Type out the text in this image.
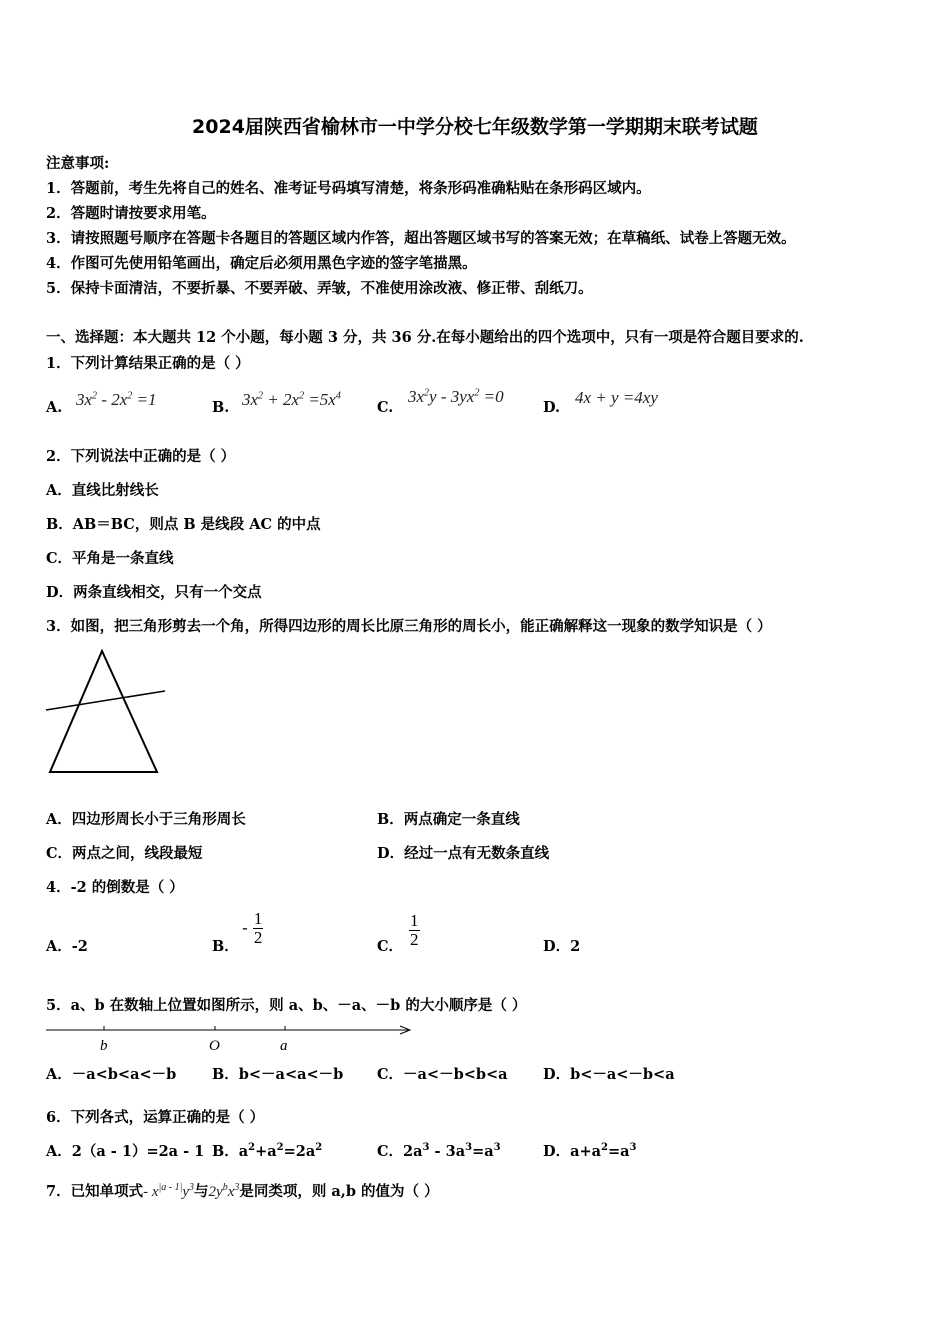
2024届陕西省榆林市一中学分校七年级数学第一学期期末联考试题
注意事项:
1．答题前，考生先将自己的姓名、准考证号码填写清楚，将条形码准确粘贴在条形码区域内。
2．答题时请按要求用笔。
3．请按照题号顺序在答题卡各题目的答题区域内作答，超出答题区域书写的答案无效；在草稿纸、试卷上答题无效。
4．作图可先使用铅笔画出，确定后必须用黑色字迹的签字笔描黑。
5．保持卡面清洁，不要折暴、不要弄破、弄皱，不准使用涂改液、修正带、刮纸刀。
一、选择题：本大题共 12 个小题，每小题 3 分，共 36 分.在每小题给出的四个选项中，只有一项是符合题目要求的.
1．下列计算结果正确的是（ ）
A. $3x^2 - 2x^2 =1$	B. $3x^2 + 2x^2 =5x^4$
C.
$3x^2y - 3yx^2 =0$
D.
4x + y =4xy
2．下列说法中正确的是（ ）
A．直线比射线长
B．AB＝BC，则点 B 是线段 AC 的中点
C．平角是一条直线
D．两条直线相交，只有一个交点
3．如图，把三角形剪去一个角，所得四边形的周长比原三角形的周长小，能正确解释这一现象的数学知识是（ ）
A．四边形周长小于三角形周长	B．两点确定一条直线
C．两点之间，线段最短	D．经过一点有无数条直线
4．-2 的倒数是（ ）
A．-2	B．
- $\frac{1}{2}$	C． $\frac{1}{2}$	D．2
5．a、b 在数轴上位置如图所示，则 a、b、－a、－b 的大小顺序是（ ）
b	O	a
A．－a<b<a<－b B．b<－a<a<－b C．－a<－b<b<a D．b<－a<－b<a
6．下列各式，运算正确的是（ ）
A．2（a - 1）=2a - 1 B．$a^2+a^2=2a^2$	C．$2a^3 - 3a^3=a^3$	D．$a+a^2=a^3$
7．已知单项式- $x^{|a - 1|}y^3$与$2y^bx^3$是同类项，则 a,b 的值为（ ）
